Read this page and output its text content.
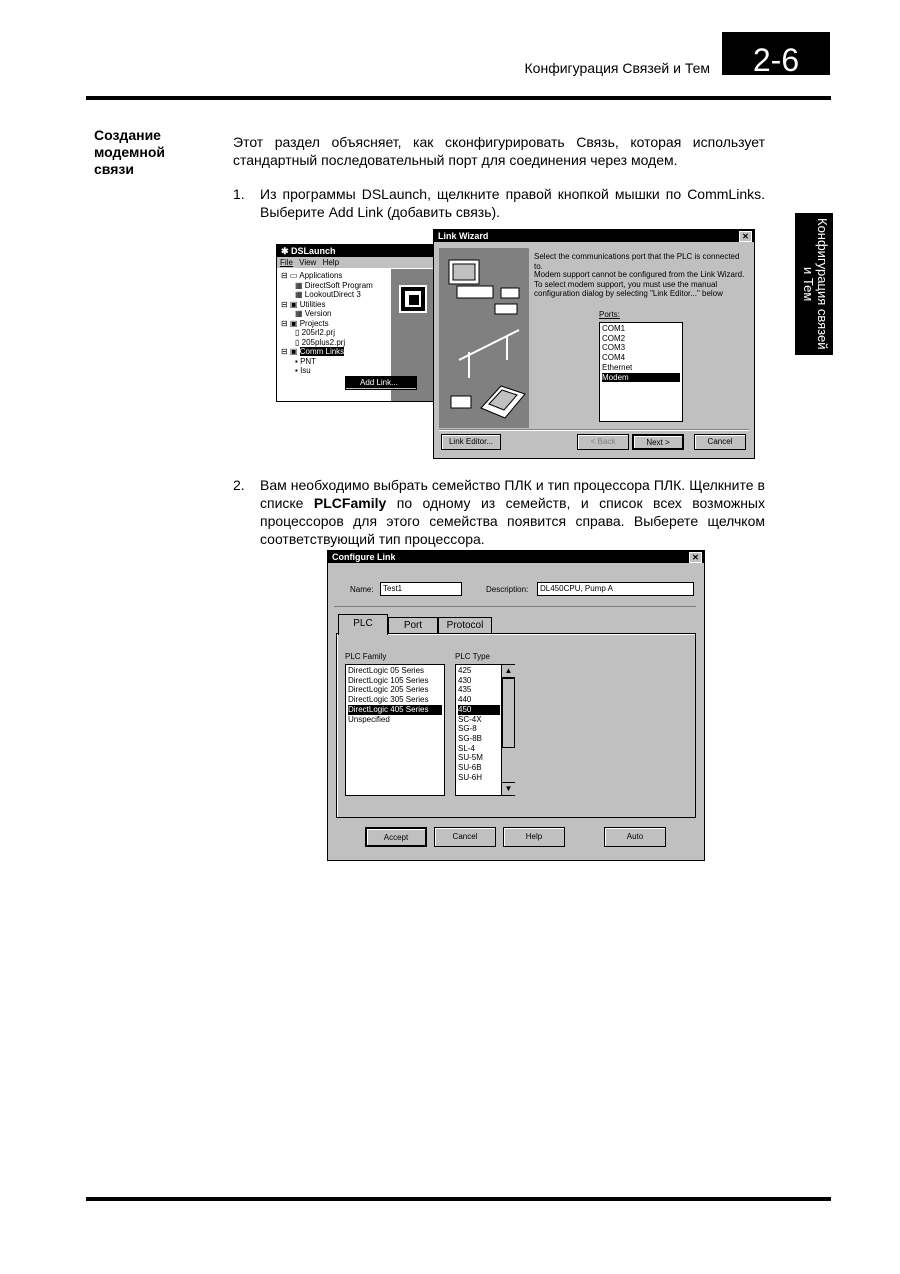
Конфигурация Связей и Тем	2-6
Конфигурация связей и Тем
Создание модемной связи
Этот раздел объясняет, как сконфигурировать Связь, которая использует стандартный последовательный порт для соединения через модем.
1. Из программы DSLaunch, щелкните правой кнопкой мышки по CommLinks. Выберите Add Link (добавить связь).
✱ DSLaunch
File View Help
⊟ ▭ Applications
▦ DirectSoft Program
▦ LookoutDirect 3
⊟ ▣ Utilities
▦ Version
⊟ ▣ Projects
▯ 205rl2.prj
▯ 205plus2.prj
⊟ ▣ Comm Links
▪ PNT
▪ Isu
Add Link...
Link Wizard	✕
Select the communications port that the PLC is connected to.
Modem support cannot be configured from the Link Wizard. To select modem support, you must use the manual configuration dialog by selecting "Link Editor..." below
Ports:
COM1
COM2
COM3
COM4
Ethernet
Modem
Link Editor...	< Back	Next >	Cancel
2. Вам необходимо выбрать семейство ПЛК и тип процессора ПЛК. Щелкните в списке PLCFamily по одному из семейств, и список всех возможных процессоров для этого семейства появится справа. Выберете щелчком соответствующий тип процессора.
Configure Link	✕
Name:	Test1	Description:	DL450CPU, Pump A
PLC	Port	Protocol
PLC Family
DirectLogic 05 Series
DirectLogic 105 Series
DirectLogic 205 Series
DirectLogic 305 Series
DirectLogic 405 Series
Unspecified
PLC Type
425
430
435
440
450
SC-4X
SG-8
SG-8B
SL-4
SU-5M
SU-6B
SU-6H
▲
▼
Accept	Cancel	Help	Auto
